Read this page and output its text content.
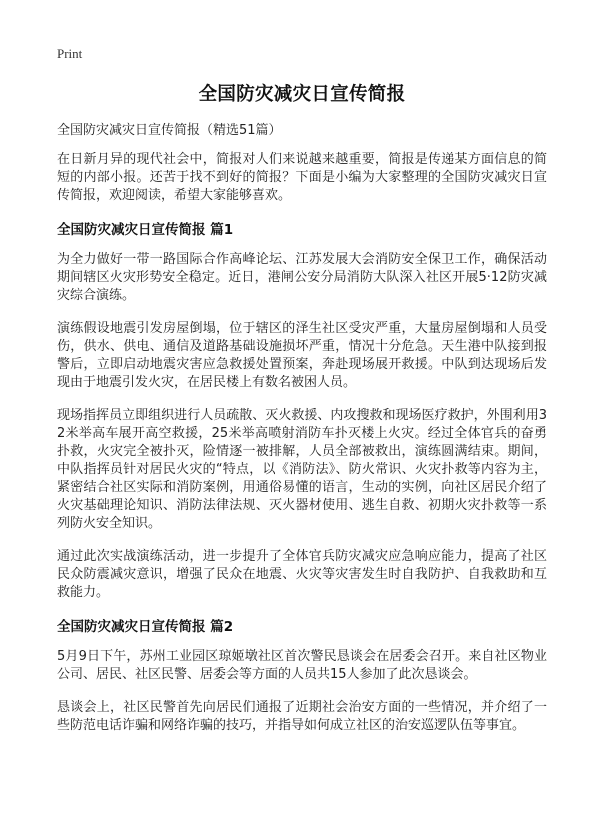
Print
全国防灾减灾日宣传简报
全国防灾减灾日宣传简报（精选51篇）

在日新月异的现代社会中，简报对人们来说越来越重要，简报是传递某方面信息的简短的内部小报。还苦于找不到好的简报？下面是小编为大家整理的全国防灾减灾日宣传简报，欢迎阅读，希望大家能够喜欢。

全国防灾减灾日宣传简报 篇1

为全力做好一带一路国际合作高峰论坛、江苏发展大会消防安全保卫工作，确保活动期间辖区火灾形势安全稳定。近日，港闸公安分局消防大队深入社区开展5·12防灾减灾综合演练。

演练假设地震引发房屋倒塌，位于辖区的泽生社区受灾严重，大量房屋倒塌和人员受伤，供水、供电、通信及道路基础设施损坏严重，情况十分危急。天生港中队接到报警后，立即启动地震灾害应急救援处置预案，奔赴现场展开救援。中队到达现场后发现由于地震引发火灾，在居民楼上有数名被困人员。

现场指挥员立即组织进行人员疏散、灭火救援、内攻搜救和现场医疗救护，外围利用32米举高车展开高空救援，25米举高喷射消防车扑灭楼上火灾。经过全体官兵的奋勇扑救，火灾完全被扑灭，险情逐一被排解，人员全部被救出，演练圆满结束。期间，中队指挥员针对居民火灾的“特点，以《消防法》、防火常识、火灾扑救等内容为主，紧密结合社区实际和消防案例，用通俗易懂的语言，生动的实例，向社区居民介绍了火灾基础理论知识、消防法律法规、灭火器材使用、逃生自救、初期火灾扑救等一系列防火安全知识。

通过此次实战演练活动，进一步提升了全体官兵防灾减灾应急响应能力，提高了社区民众防震减灾意识，增强了民众在地震、火灾等灾害发生时自我防护、自我救助和互救能力。

全国防灾减灾日宣传简报 篇2

5月9日下午，苏州工业园区琼姬墩社区首次警民恳谈会在居委会召开。来自社区物业公司、居民、社区民警、居委会等方面的人员共15人参加了此次恳谈会。

恳谈会上，社区民警首先向居民们通报了近期社会治安方面的一些情况，并介绍了一些防范电话诈骗和网络诈骗的技巧，并指导如何成立社区的治安巡逻队伍等事宜。
